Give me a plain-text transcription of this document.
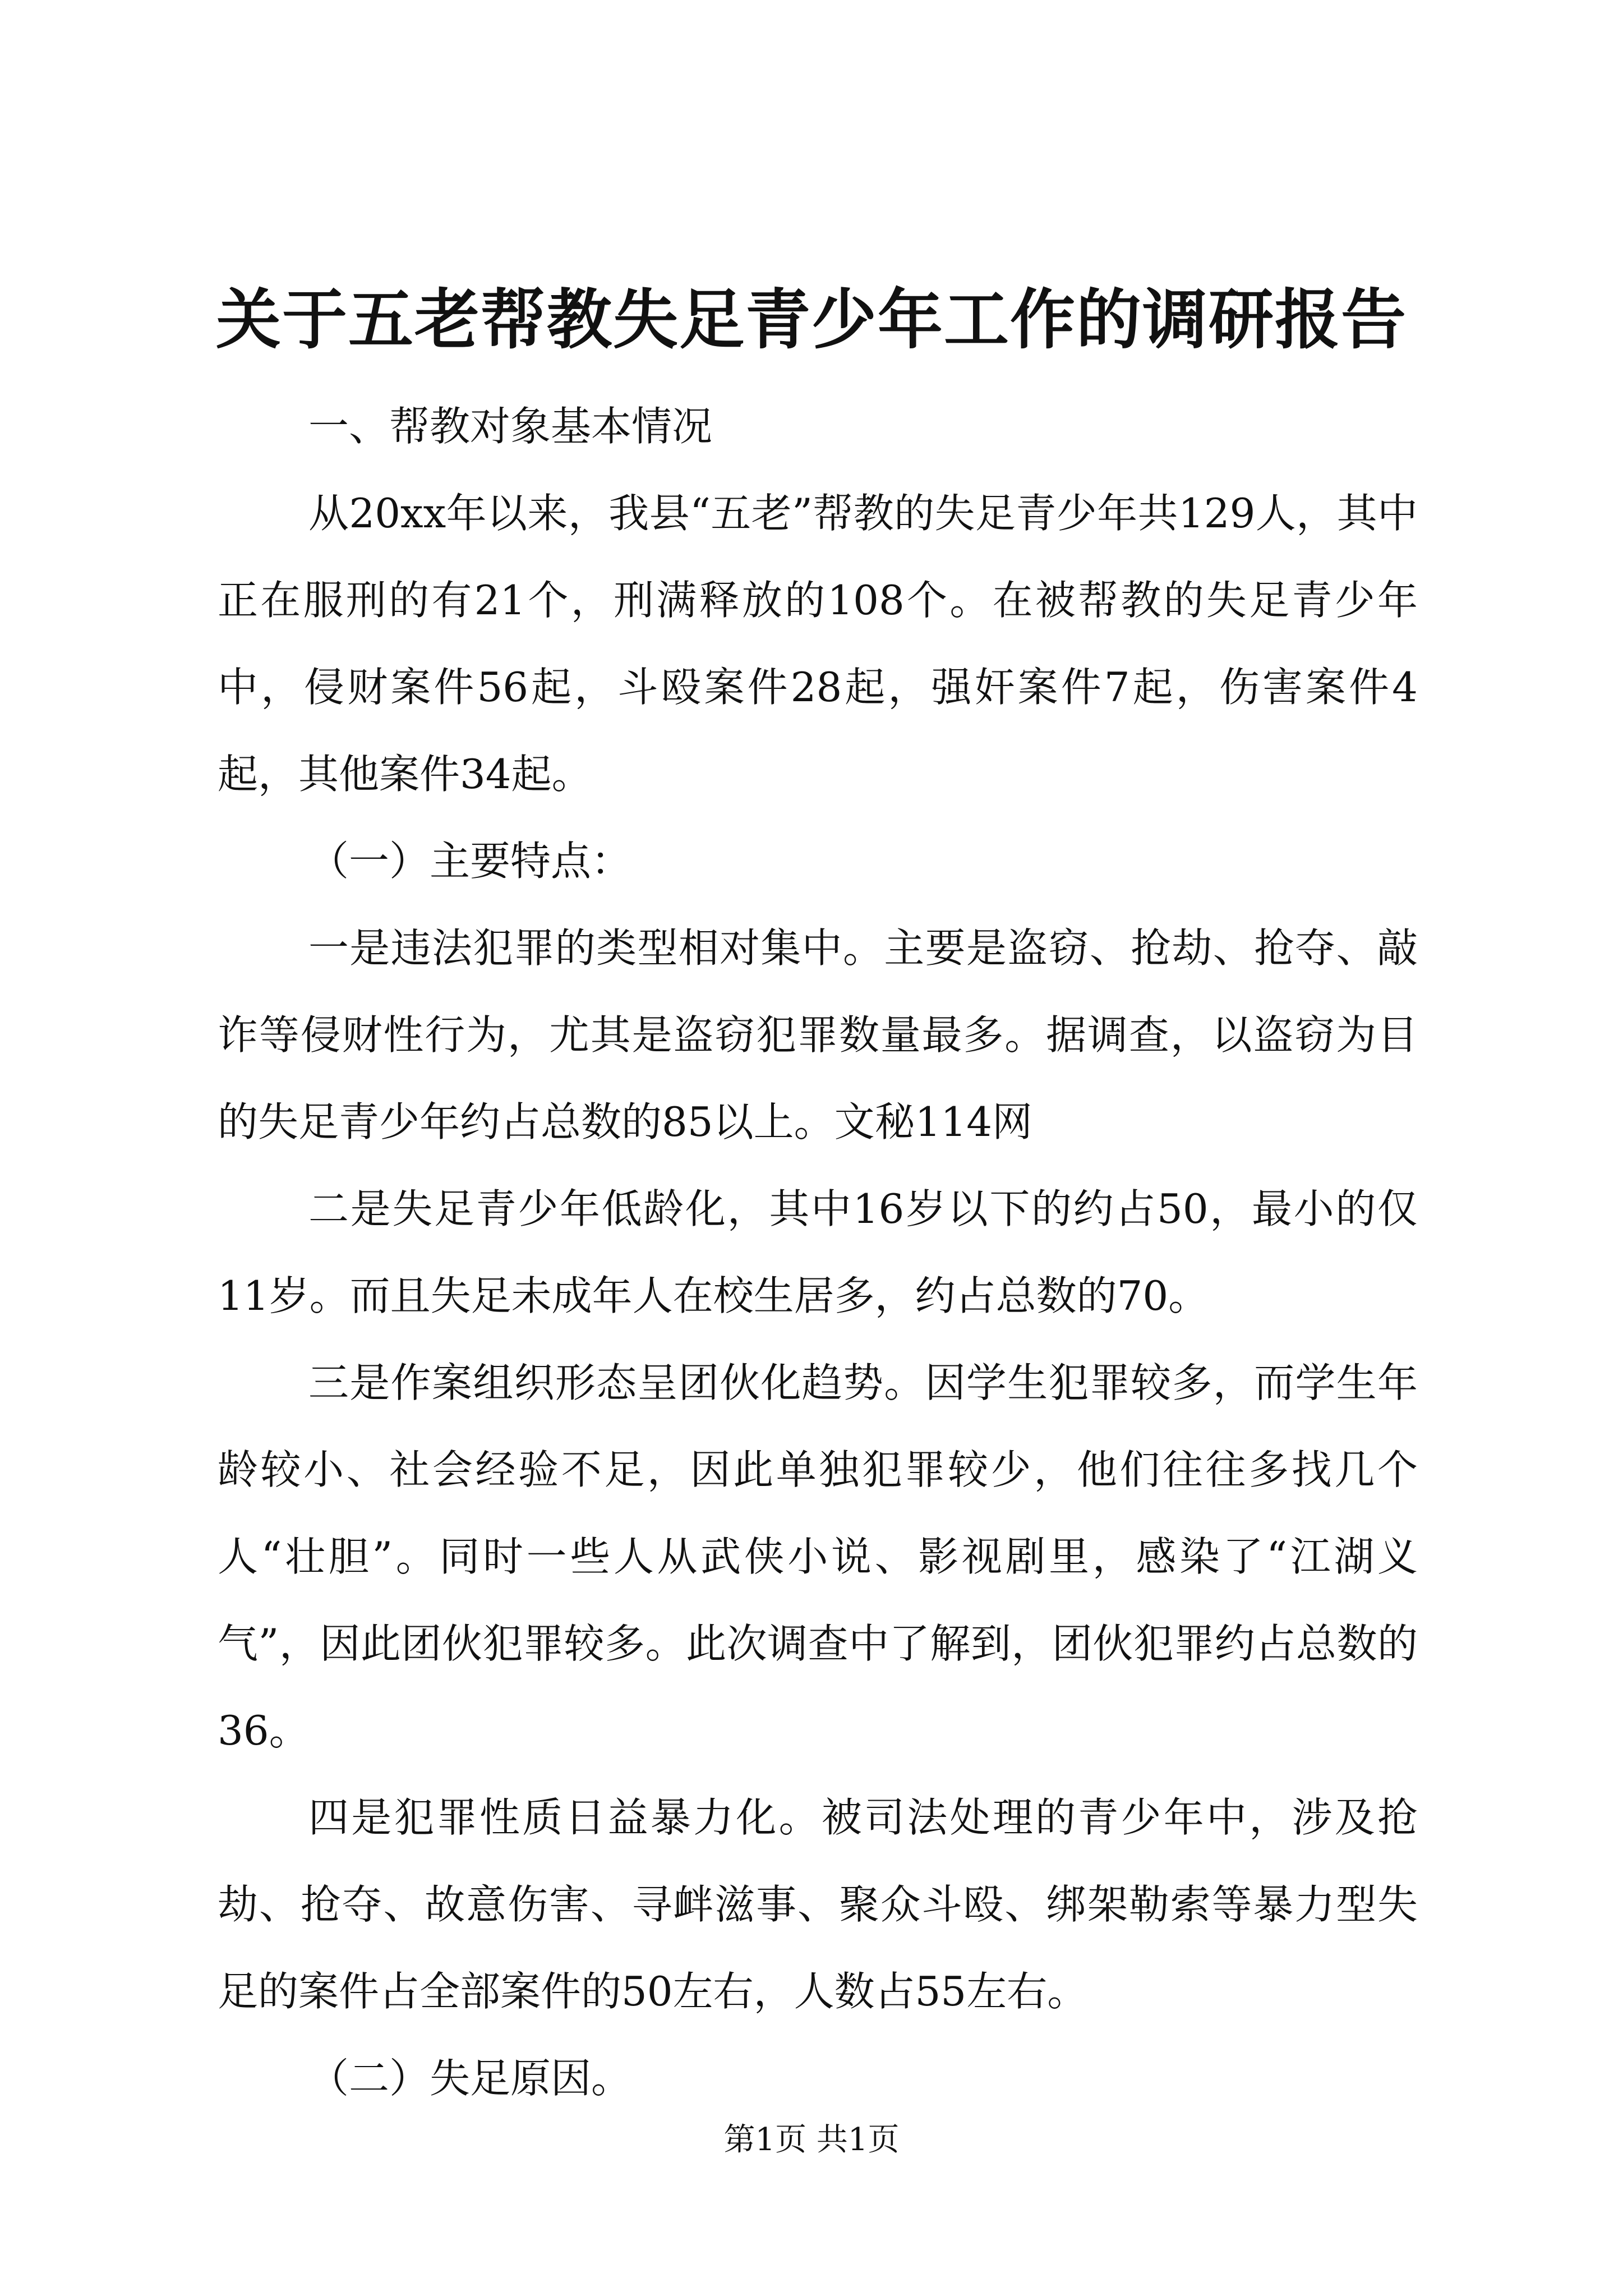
关于五老帮教失足青少年工作的调研报告

一、帮教对象基本情况

从20xx年以来，我县“五老”帮教的失足青少年共129人，其中正在服刑的有21个，刑满释放的108个。在被帮教的失足青少年中，侵财案件56起，斗殴案件28起，强奸案件7起，伤害案件4起，其他案件34起。

（一）主要特点：

一是违法犯罪的类型相对集中。主要是盗窃、抢劫、抢夺、敲诈等侵财性行为，尤其是盗窃犯罪数量最多。据调查，以盗窃为目的失足青少年约占总数的85以上。文秘114网

二是失足青少年低龄化，其中16岁以下的约占50，最小的仅11岁。而且失足未成年人在校生居多，约占总数的70。

三是作案组织形态呈团伙化趋势。因学生犯罪较多，而学生年龄较小、社会经验不足，因此单独犯罪较少，他们往往多找几个人“壮胆”。同时一些人从武侠小说、影视剧里，感染了“江湖义气”，因此团伙犯罪较多。此次调查中了解到，团伙犯罪约占总数的36。

四是犯罪性质日益暴力化。被司法处理的青少年中，涉及抢劫、抢夺、故意伤害、寻衅滋事、聚众斗殴、绑架勒索等暴力型失足的案件占全部案件的50左右，人数占55左右。

（二）失足原因。

第1页 共1页
